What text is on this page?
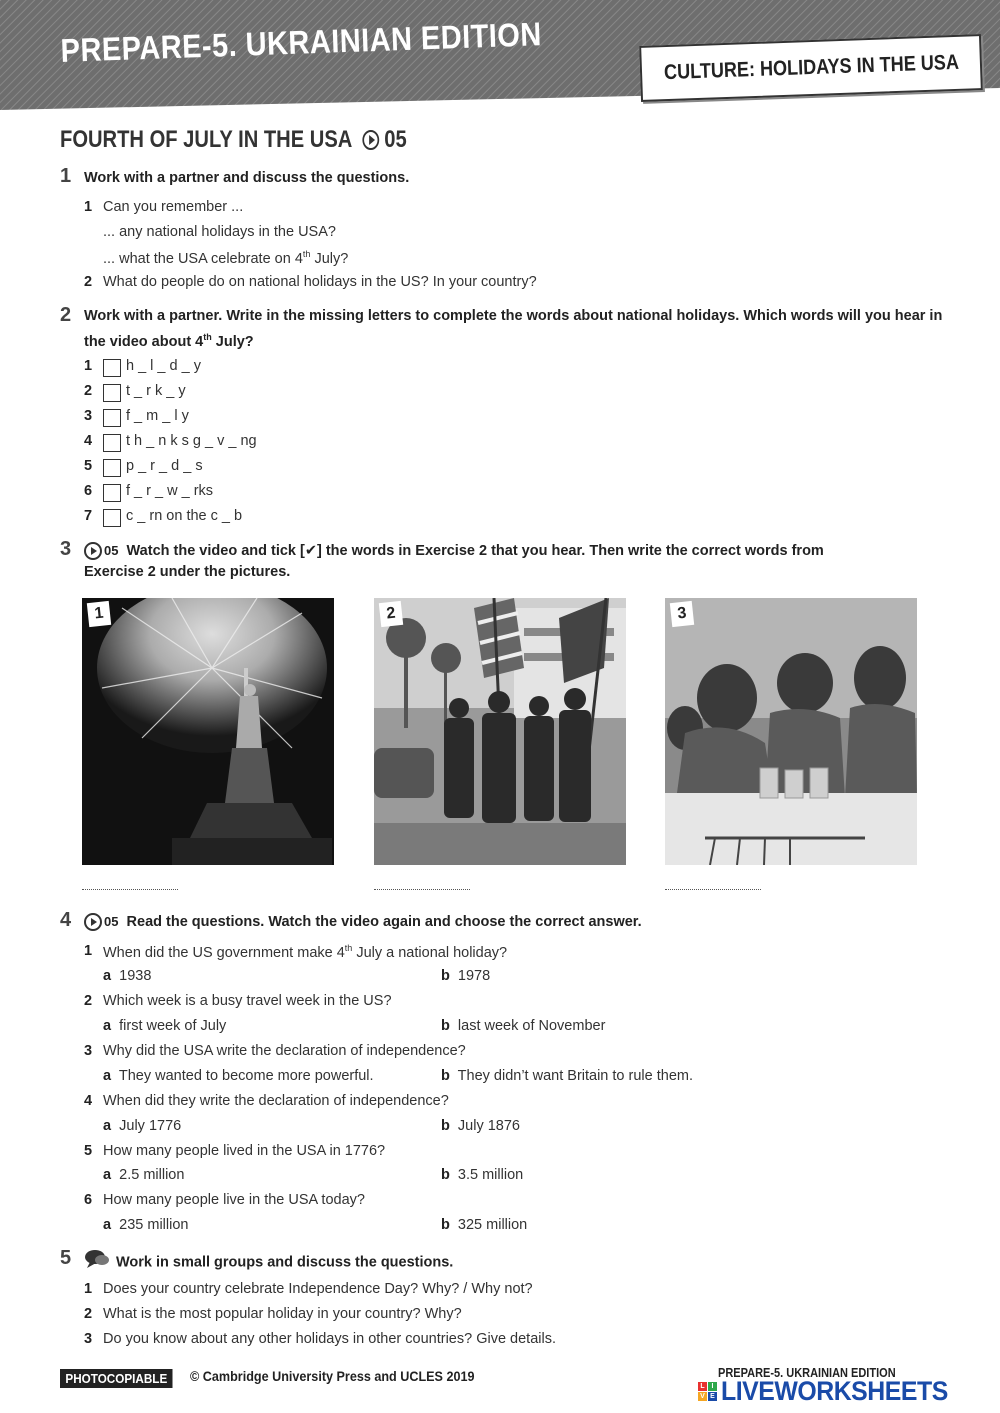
PREPARE-5. UKRAINIAN EDITION	CULTURE: HOLIDAYS IN THE USA
FOURTH OF JULY IN THE USA 05
1 Work with a partner and discuss the questions.
1 Can you remember ...
... any national holidays in the USA?
... what the USA celebrate on 4th July?
2 What do people do on national holidays in the US? In your country?
2 Work with a partner. Write in the missing letters to complete the words about national holidays. Which words will you hear in the video about 4th July?
1 h _ l _ d _ y
2 t _ r k _ y
3 f _ m _ l y
4 t h _ n k s g _ v _ ng
5 p _ r _ d _ s
6 f _ r _ w _ rks
7 c _ rn on the c _ b
3	05 Watch the video and tick [✔] the words in Exercise 2 that you hear. Then write the correct words from
Exercise 2 under the pictures.
1	2	3
4	05 Read the questions. Watch the video again and choose the correct answer.
1 When did the US government make 4th July a national holiday?
a 1938	b 1978
2 Which week is a busy travel week in the US?
a first week of July	b last week of November
3 Why did the USA write the declaration of independence?
a They wanted to become more powerful.	b They didn’t want Britain to rule them.
4 When did they write the declaration of independence?
a July 1776	b July 1876
5 How many people lived in the USA in 1776?
a 2.5 million	b 3.5 million
6 How many people live in the USA today?
a 235 million	b 325 million
5	Work in small groups and discuss the questions.
1 Does your country celebrate Independence Day? Why? / Why not?
2 What is the most popular holiday in your country? Why?
3 Do you know about any other holidays in other countries? Give details.
PHOTOCOPIABLE	© Cambridge University Press and UCLES 2019	PREPARE-5. UKRAINIAN EDITION
L I
V E LIVEWORKSHEETS
